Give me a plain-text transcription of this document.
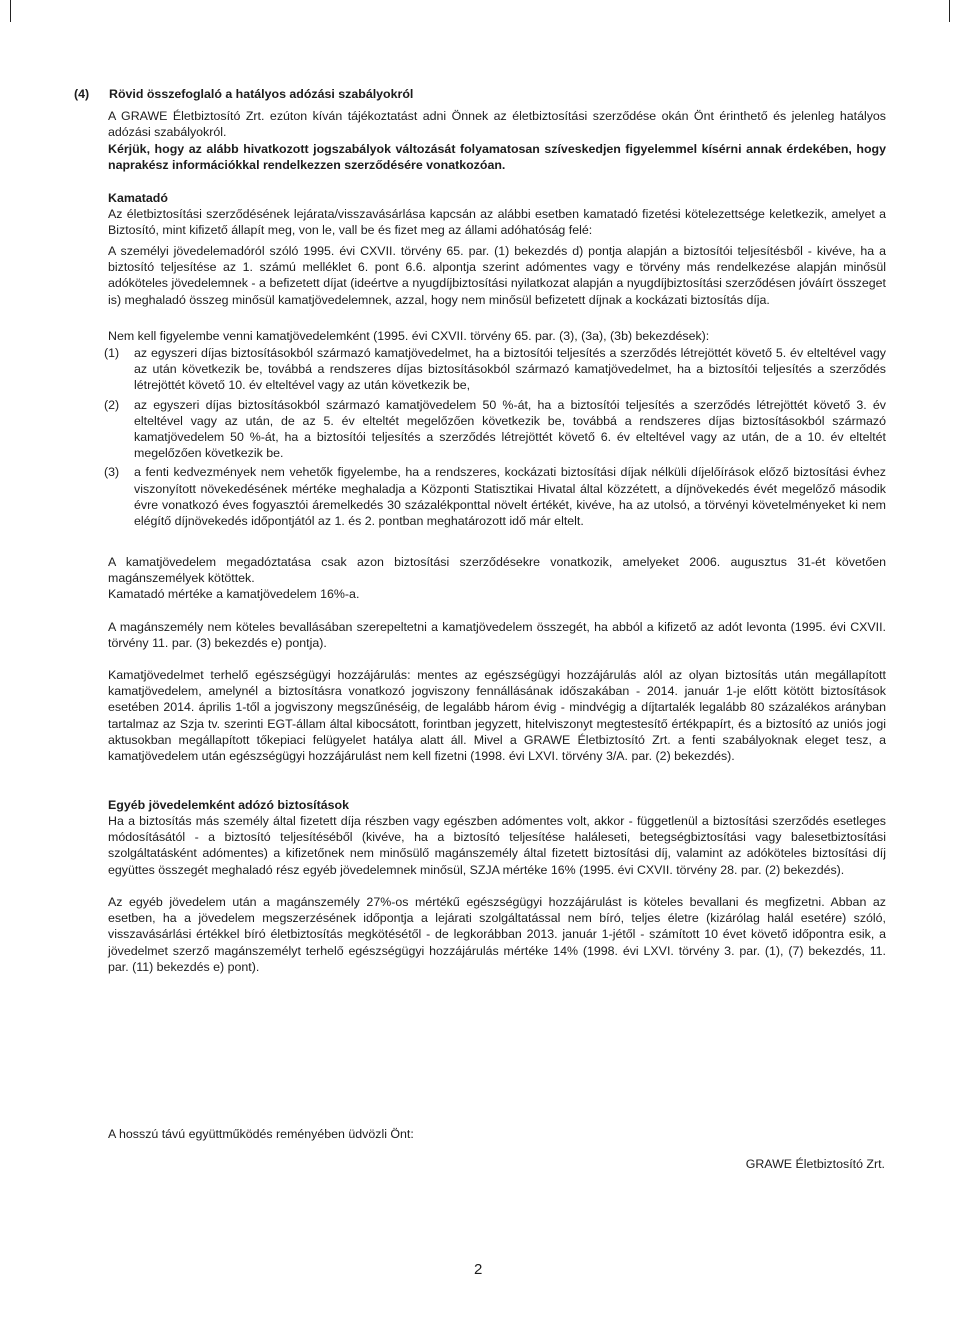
(4) Rövid összefoglaló a hatályos adózási szabályokról

A GRAWE Életbiztosító Zrt. ezúton kíván tájékoztatást adni Önnek az életbiztosítási szerződése okán Önt érinthető és jelenleg hatályos adózási szabályokról.

Kérjük, hogy az alább hivatkozott jogszabályok változását folyamatosan szíveskedjen figyelemmel kísérni annak érdekében, hogy naprakész információkkal rendelkezzen szerződésére vonatkozóan.

Kamatadó

Az életbiztosítási szerződésének lejárata/visszavásárlása kapcsán az alábbi esetben kamatadó fizetési kötelezettsége keletkezik, amelyet a Biztosító, mint kifizető állapít meg, von le, vall be és fizet meg az állami adóhatóság felé:

A személyi jövedelemadóról szóló 1995. évi CXVII. törvény 65. par. (1) bekezdés d) pontja alapján a biztosítói teljesítésből - kivéve, ha a biztosító teljesítése az 1. számú melléklet 6. pont 6.6. alpontja szerint adómentes vagy e törvény más rendelkezése alapján minősül adóköteles jövedelemnek - a befizetett díjat (ideértve a nyugdíjbiztosítási nyilatkozat alapján a nyugdíjbiztosítási szerződésen jóváírt összeget is) meghaladó összeg minősül kamatjövedelemnek, azzal, hogy nem minősül befizetett díjnak a kockázati biztosítás díja.

Nem kell figyelembe venni kamatjövedelemként (1995. évi CXVII. törvény 65. par. (3), (3a), (3b) bekezdések):

(1) az egyszeri díjas biztosításokból származó kamatjövedelmet, ha a biztosítói teljesítés a szerződés létrejöttét követő 5. év elteltével vagy az után következik be, továbbá a rendszeres díjas biztosításokból származó kamatjövedelmet, ha a biztosítói teljesítés a szerződés létrejöttét követő 10. év elteltével vagy az után következik be,
(2) az egyszeri díjas biztosításokból származó kamatjövedelem 50 %-át, ha a biztosítói teljesítés a szerződés létrejöttét követő 3. év elteltével vagy az után, de az 5. év elteltét megelőzően következik be, továbbá a rendszeres díjas biztosításokból származó kamatjövedelem 50 %-át, ha a biztosítói teljesítés a szerződés létrejöttét követő 6. év elteltével vagy az után, de a 10. év elteltét megelőzően következik be.
(3) a fenti kedvezmények nem vehetők figyelembe, ha a rendszeres, kockázati biztosítási díjak nélküli díjelőírások előző biztosítási évhez viszonyított növekedésének mértéke meghaladja a Központi Statisztikai Hivatal által közzétett, a díjnövekedés évét megelőző második évre vonatkozó éves fogyasztói áremelkedés 30 százalékponttal növelt értékét, kivéve, ha az utolsó, a törvényi követelményeket ki nem elégítő díjnövekedés időpontjától az 1. és 2. pontban meghatározott idő már eltelt.

A kamatjövedelem megadóztatása csak azon biztosítási szerződésekre vonatkozik, amelyeket 2006. augusztus 31-ét követően magánszemélyek kötöttek.

Kamatadó mértéke a kamatjövedelem 16%-a.

A magánszemély nem köteles bevallásában szerepeltetni a kamatjövedelem összegét, ha abból a kifizető az adót levonta (1995. évi CXVII. törvény 11. par. (3) bekezdés e) pontja).

Kamatjövedelmet terhelő egészségügyi hozzájárulás: mentes az egészségügyi hozzájárulás alól az olyan biztosítás után megállapított kamatjövedelem, amelynél a biztosításra vonatkozó jogviszony fennállásának időszakában - 2014. január 1-je előtt kötött biztosítások esetében 2014. április 1-től a jogviszony megszűnéséig, de legalább három évig - mindvégig a díjtartalék legalább 80 százalékos arányban tartalmaz az Szja tv. szerinti EGT-állam által kibocsátott, forintban jegyzett, hitelviszonyt megtestesítő értékpapírt, és a biztosító az uniós jogi aktusokban megállapított tőkepiaci felügyelet hatálya alatt áll. Mivel a GRAWE Életbiztosító Zrt. a fenti szabályoknak eleget tesz, a kamatjövedelem után egészségügyi hozzájárulást nem kell fizetni (1998. évi LXVI. törvény 3/A. par. (2) bekezdés).

Egyéb jövedelemként adózó biztosítások

Ha a biztosítás más személy által fizetett díja részben vagy egészben adómentes volt, akkor - függetlenül a biztosítási szerződés esetleges módosításától - a biztosító teljesítéséből (kivéve, ha a biztosító teljesítése haláleseti, betegségbiztosítási vagy balesetbiztosítási szolgáltatásként adómentes) a kifizetőnek nem minősülő magánszemély által fizetett biztosítási díj, valamint az adóköteles biztosítási díj együttes összegét meghaladó rész egyéb jövedelemnek minősül, SZJA mértéke 16% (1995. évi CXVII. törvény 28. par. (2) bekezdés).

Az egyéb jövedelem után a magánszemély 27%-os mértékű egészségügyi hozzájárulást is köteles bevallani és megfizetni. Abban az esetben, ha a jövedelem megszerzésének időpontja a lejárati szolgáltatással nem bíró, teljes életre (kizárólag halál esetére) szóló, visszavásárlási értékkel bíró életbiztosítás megkötésétől - de legkorábban 2013. január 1-jétől - számított 10 évet követő időpontra esik, a jövedelmet szerző magánszemélyt terhelő egészségügyi hozzájárulás mértéke 14% (1998. évi LXVI. törvény 3. par. (1), (7) bekezdés, 11. par. (11) bekezdés e) pont).

A hosszú távú együttműködés reményében üdvözli Önt:

GRAWE Életbiztosító Zrt.
2
